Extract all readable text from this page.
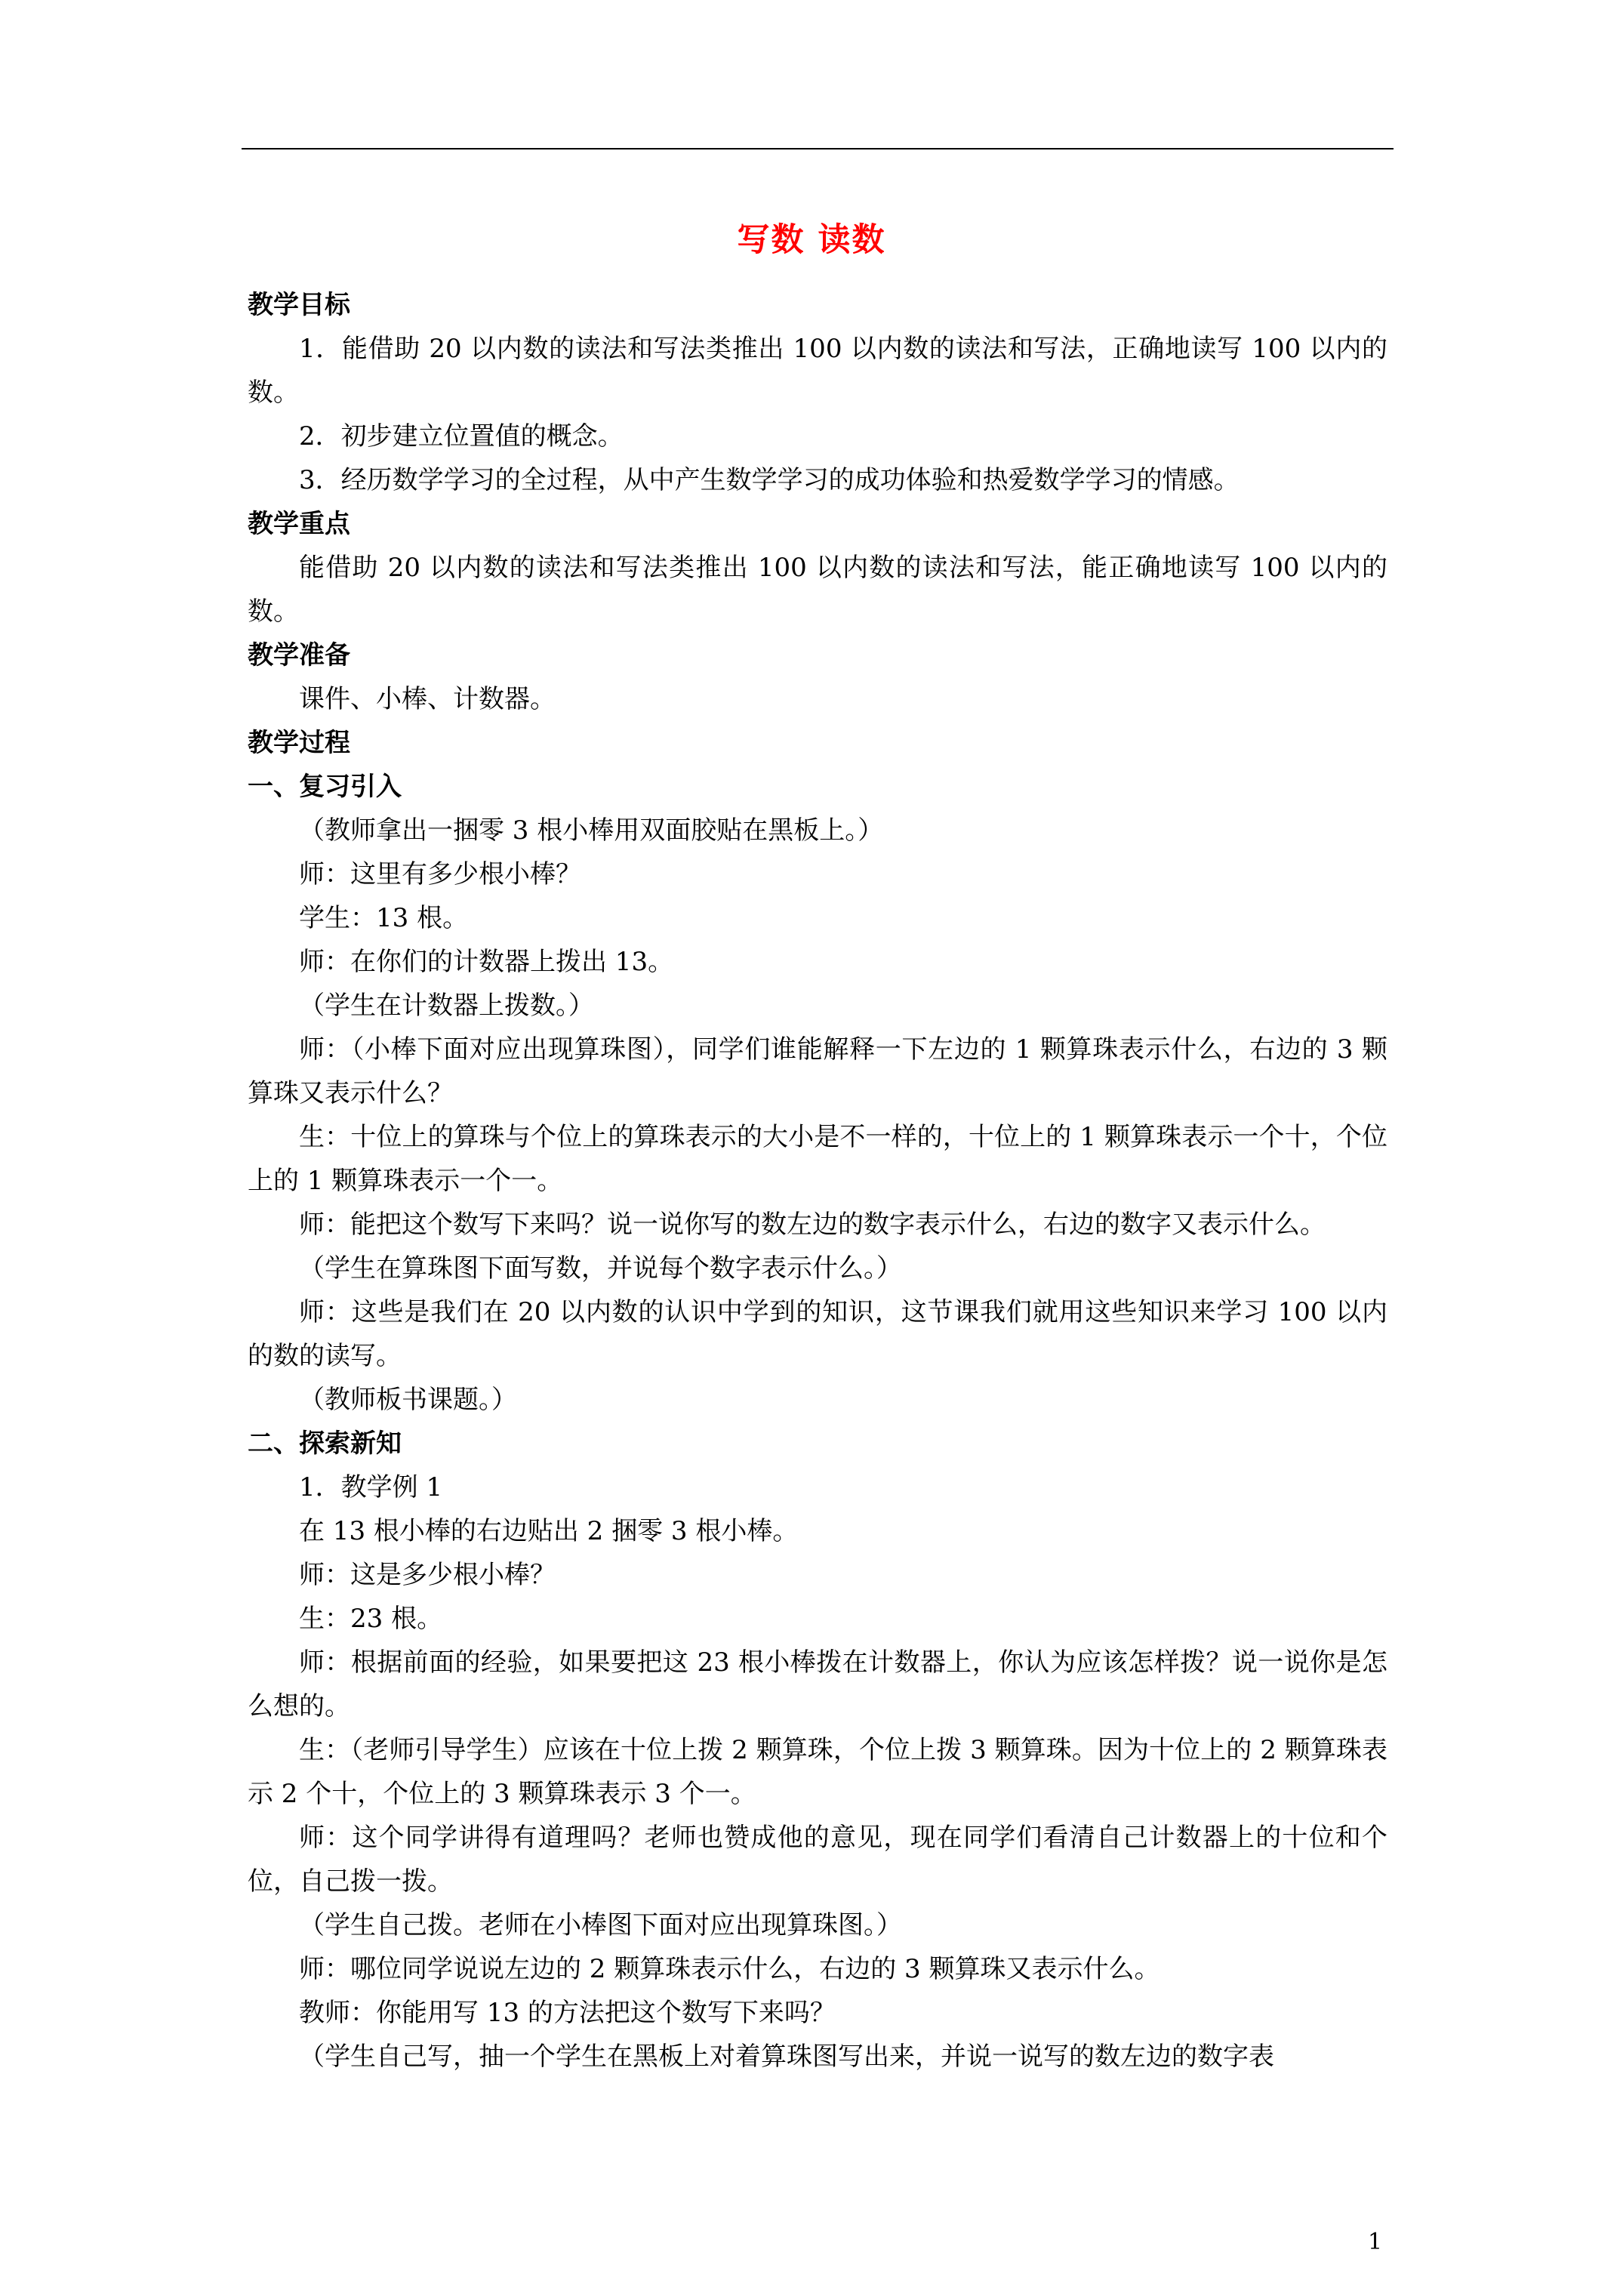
写数 读数
教学目标
1．能借助 20 以内数的读法和写法类推出 100 以内数的读法和写法，正确地读写 100 以内的数。
2．初步建立位置值的概念。
3．经历数学学习的全过程，从中产生数学学习的成功体验和热爱数学学习的情感。
教学重点
能借助 20 以内数的读法和写法类推出 100 以内数的读法和写法，能正确地读写 100 以内的数。
教学准备
课件、小棒、计数器。
教学过程
一、复习引入
（教师拿出一捆零 3 根小棒用双面胶贴在黑板上。）
师：这里有多少根小棒？
学生：13 根。
师：在你们的计数器上拨出 13。
（学生在计数器上拨数。）
师：（小棒下面对应出现算珠图），同学们谁能解释一下左边的 1 颗算珠表示什么，右边的 3 颗算珠又表示什么？
生：十位上的算珠与个位上的算珠表示的大小是不一样的，十位上的 1 颗算珠表示一个十，个位上的 1 颗算珠表示一个一。
师：能把这个数写下来吗？说一说你写的数左边的数字表示什么，右边的数字又表示什么。
（学生在算珠图下面写数，并说每个数字表示什么。）
师：这些是我们在 20 以内数的认识中学到的知识，这节课我们就用这些知识来学习 100 以内的数的读写。
（教师板书课题。）
二、探索新知
1．教学例 1
在 13 根小棒的右边贴出 2 捆零 3 根小棒。
师：这是多少根小棒？
生：23 根。
师：根据前面的经验，如果要把这 23 根小棒拨在计数器上，你认为应该怎样拨？说一说你是怎么想的。
生：（老师引导学生）应该在十位上拨 2 颗算珠，个位上拨 3 颗算珠。因为十位上的 2 颗算珠表示 2 个十，个位上的 3 颗算珠表示 3 个一。
师：这个同学讲得有道理吗？老师也赞成他的意见，现在同学们看清自己计数器上的十位和个位，自己拨一拨。
（学生自己拨。老师在小棒图下面对应出现算珠图。）
师：哪位同学说说左边的 2 颗算珠表示什么，右边的 3 颗算珠又表示什么。
教师：你能用写 13 的方法把这个数写下来吗？
（学生自己写，抽一个学生在黑板上对着算珠图写出来，并说一说写的数左边的数字表
1
